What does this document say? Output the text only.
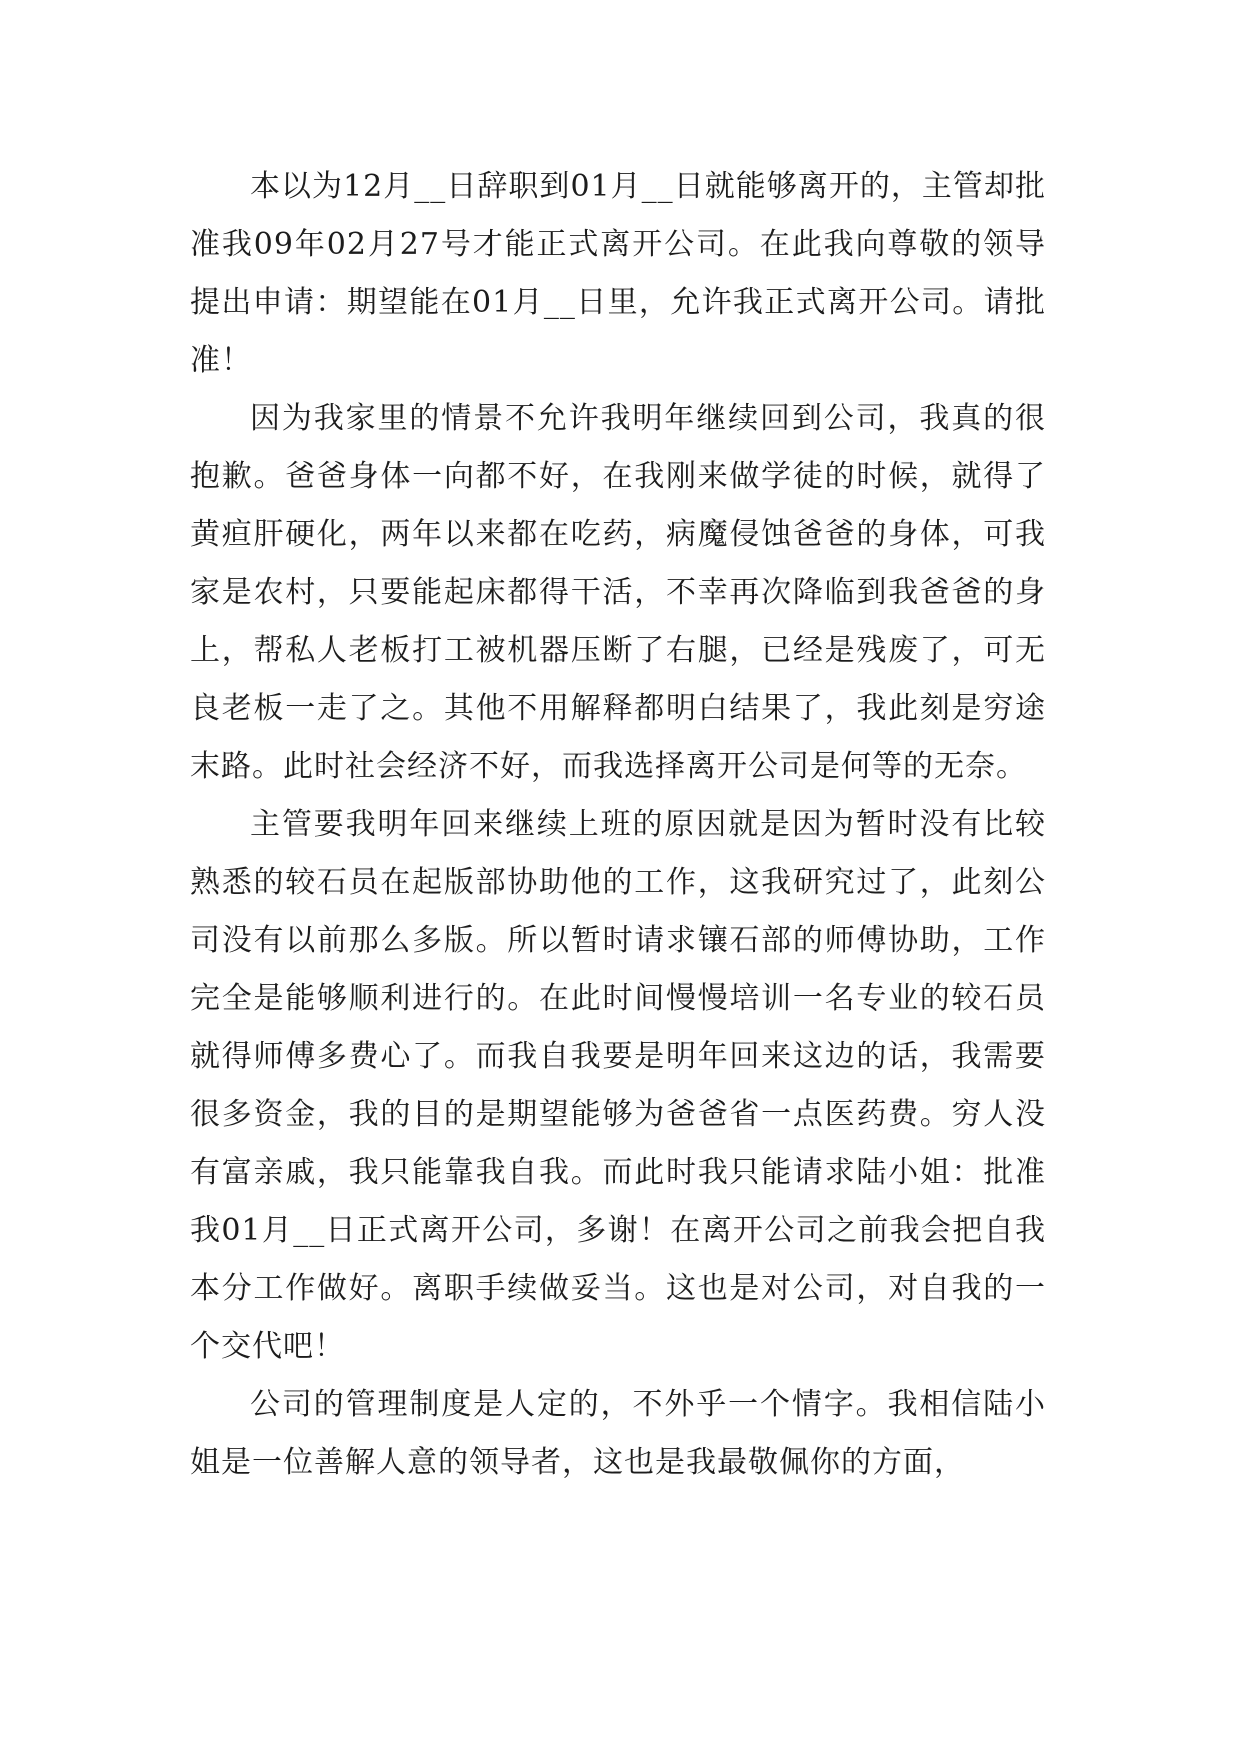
本以为12月__日辞职到01月__日就能够离开的，主管却批准我09年02月27号才能正式离开公司。在此我向尊敬的领导提出申请：期望能在01月__日里，允许我正式离开公司。请批准！

因为我家里的情景不允许我明年继续回到公司，我真的很抱歉。爸爸身体一向都不好，在我刚来做学徒的时候，就得了黄疸肝硬化，两年以来都在吃药，病魔侵蚀爸爸的身体，可我家是农村，只要能起床都得干活，不幸再次降临到我爸爸的身上，帮私人老板打工被机器压断了右腿，已经是残废了，可无良老板一走了之。其他不用解释都明白结果了，我此刻是穷途末路。此时社会经济不好，而我选择离开公司是何等的无奈。

主管要我明年回来继续上班的原因就是因为暂时没有比较熟悉的较石员在起版部协助他的工作，这我研究过了，此刻公司没有以前那么多版。所以暂时请求镶石部的师傅协助，工作完全是能够顺利进行的。在此时间慢慢培训一名专业的较石员就得师傅多费心了。而我自我要是明年回来这边的话，我需要很多资金，我的目的是期望能够为爸爸省一点医药费。穷人没有富亲戚，我只能靠我自我。而此时我只能请求陆小姐：批准我01月__日正式离开公司，多谢！在离开公司之前我会把自我本分工作做好。离职手续做妥当。这也是对公司，对自我的一个交代吧！

公司的管理制度是人定的，不外乎一个情字。我相信陆小姐是一位善解人意的领导者，这也是我最敬佩你的方面，
